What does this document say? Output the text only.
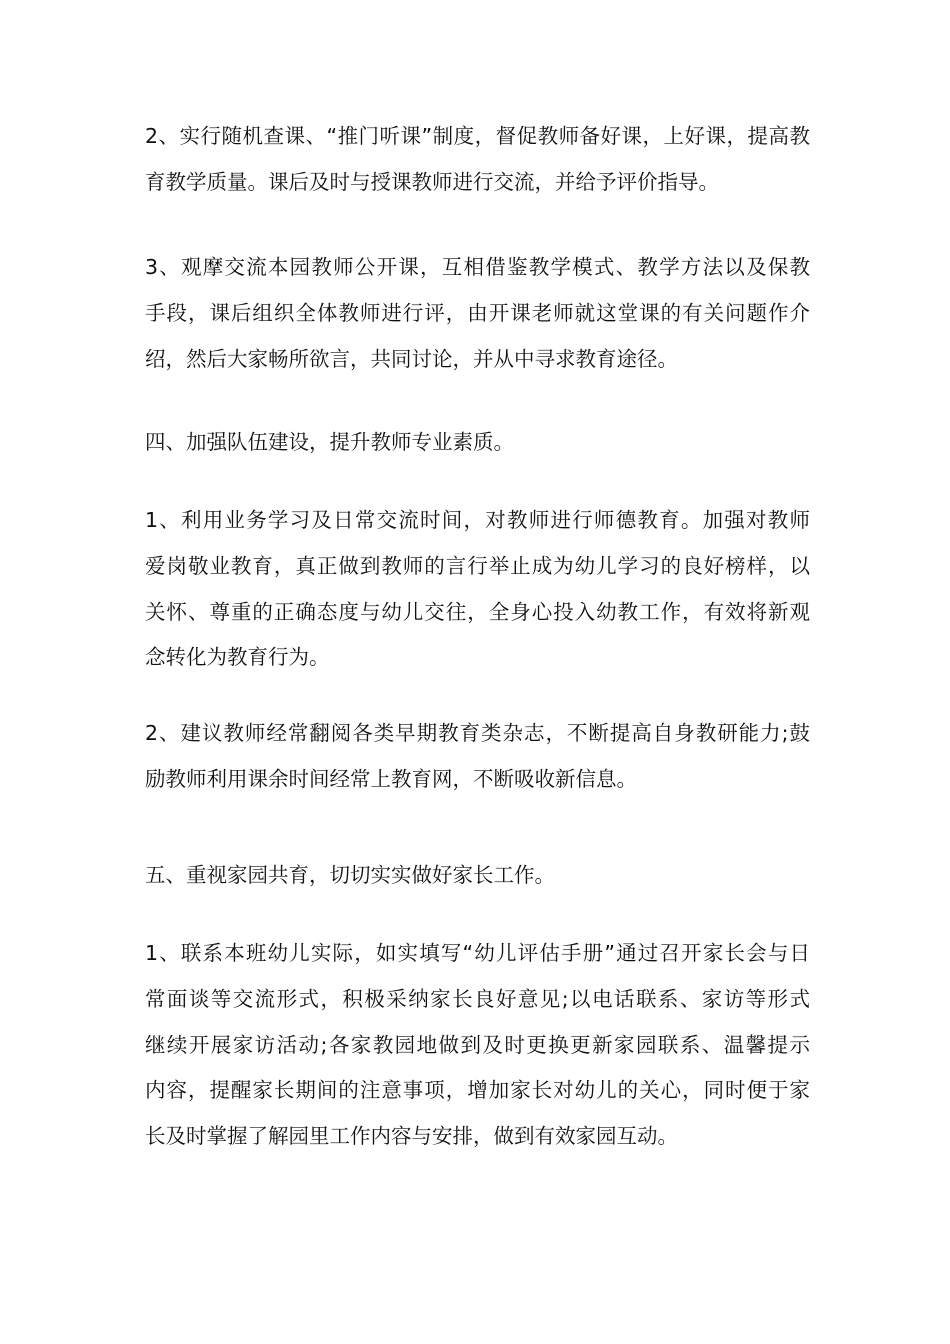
2、实行随机查课、“推门听课”制度，督促教师备好课，上好课，提高教
育教学质量。课后及时与授课教师进行交流，并给予评价指导。
3、观摩交流本园教师公开课，互相借鉴教学模式、教学方法以及保教
手段，课后组织全体教师进行评，由开课老师就这堂课的有关问题作介
绍，然后大家畅所欲言，共同讨论，并从中寻求教育途径。
四、加强队伍建设，提升教师专业素质。
1、利用业务学习及日常交流时间，对教师进行师德教育。加强对教师
爱岗敬业教育，真正做到教师的言行举止成为幼儿学习的良好榜样，以
关怀、尊重的正确态度与幼儿交往，全身心投入幼教工作，有效将新观
念转化为教育行为。
2、建议教师经常翻阅各类早期教育类杂志，不断提高自身教研能力;鼓
励教师利用课余时间经常上教育网，不断吸收新信息。
五、重视家园共育，切切实实做好家长工作。
1、联系本班幼儿实际，如实填写“幼儿评估手册”通过召开家长会与日
常面谈等交流形式，积极采纳家长良好意见;以电话联系、家访等形式
继续开展家访活动;各家教园地做到及时更换更新家园联系、温馨提示
内容，提醒家长期间的注意事项，增加家长对幼儿的关心，同时便于家
长及时掌握了解园里工作内容与安排，做到有效家园互动。
